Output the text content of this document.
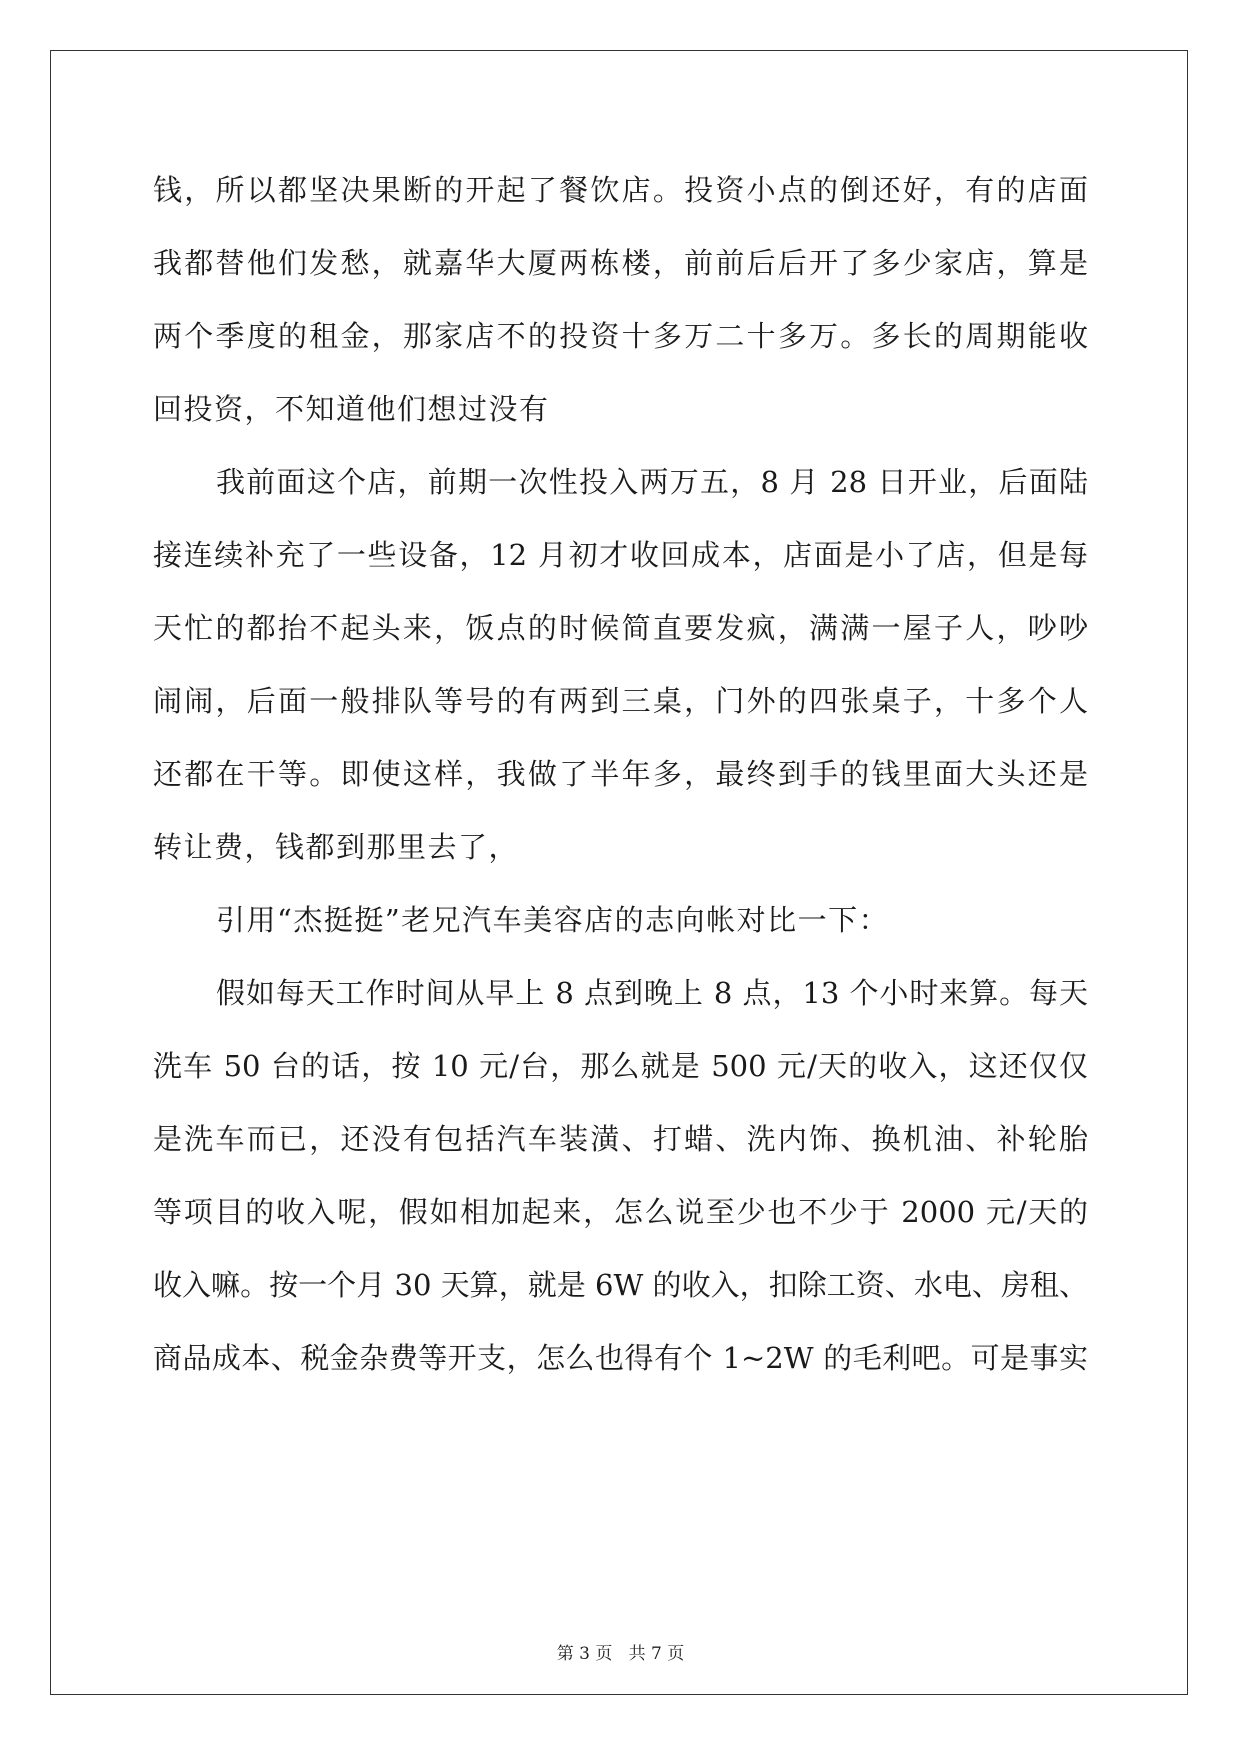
钱，所以都坚决果断的开起了餐饮店。投资小点的倒还好，有的店面
我都替他们发愁，就嘉华大厦两栋楼，前前后后开了多少家店，算是
两个季度的租金，那家店不的投资十多万二十多万。多长的周期能收
回投资，不知道他们想过没有
我前面这个店，前期一次性投入两万五，8 月 28 日开业，后面陆
接连续补充了一些设备，12 月初才收回成本，店面是小了店，但是每
天忙的都抬不起头来，饭点的时候简直要发疯，满满一屋子人，吵吵
闹闹，后面一般排队等号的有两到三桌，门外的四张桌子，十多个人
还都在干等。即使这样，我做了半年多，最终到手的钱里面大头还是
转让费，钱都到那里去了，
引用“杰挺挺”老兄汽车美容店的志向帐对比一下：
假如每天工作时间从早上 8 点到晚上 8 点，13 个小时来算。每天
洗车 50 台的话，按 10 元/台，那么就是 500 元/天的收入，这还仅仅
是洗车而已，还没有包括汽车装潢、打蜡、洗内饰、换机油、补轮胎
等项目的收入呢，假如相加起来，怎么说至少也不少于 2000 元/天的
收入嘛。按一个月 30 天算，就是 6W 的收入，扣除工资、水电、房租、
商品成本、税金杂费等开支，怎么也得有个 1~2W 的毛利吧。可是事实
第 3 页   共 7 页
